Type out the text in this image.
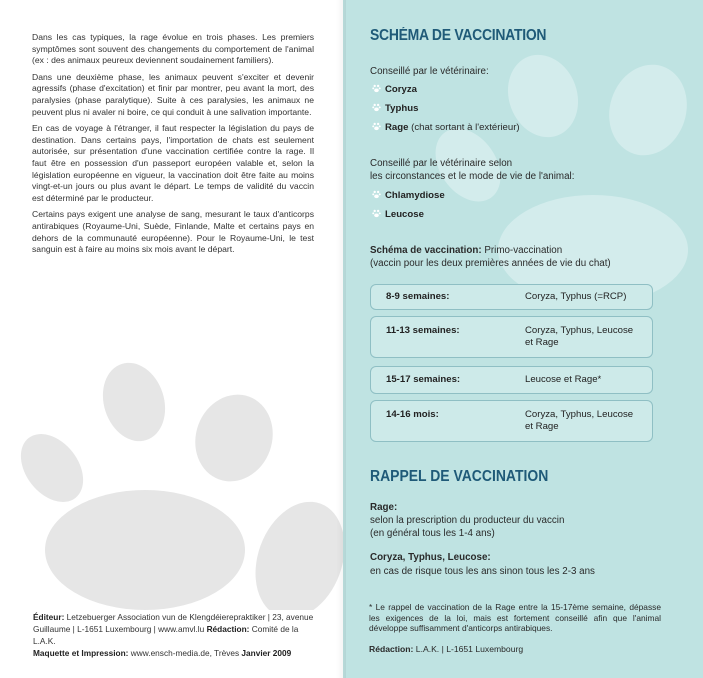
Dans les cas typiques, la rage évolue en trois phases. Les premiers symptômes sont souvent des changements du comportement de l'animal (ex : des animaux peureux deviennent soudainement familiers).

Dans une deuxième phase, les animaux peuvent s'exciter et devenir agressifs (phase d'excitation) et finir par montrer, peu avant la mort, des paralysies (phase paralytique). Suite à ces paralysies, les animaux ne peuvent plus ni avaler ni boire, ce qui conduit à une salivation importante.

En cas de voyage à l'étranger, il faut respecter la législation du pays de destination. Dans certains pays, l'importation de chats est seulement autorisée, sur présentation d'une vaccination certifiée contre la rage. Il faut être en possession d'un passeport européen valable et, selon la législation européenne en vigueur, la vaccination doit être faite au moins vingt-et-un jours ou plus avant le départ. Le temps de validité du vaccin est déterminé par le producteur.

Certains pays exigent une analyse de sang, mesurant le taux d'anticorps antirabiques (Royaume-Uni, Suède, Finlande, Malte et certains pays en dehors de la communauté européenne). Pour le Royaume-Uni, le test sanguin est à faire au moins six mois avant le départ.

Éditeur: Letzebuerger Association vun de Klengdéierepraktiker | 23, avenue Guillaume | L-1651 Luxembourg | www.amvl.lu Rédaction: Comité de la L.A.K.
Maquette et Impression: www.ensch-media.de, Trèves Janvier 2009
SCHÉMA DE VACCINATION
Conseillé par le vétérinaire:
Coryza
Typhus
Rage (chat sortant à l'extérieur)
Conseillé par le vétérinaire selon
les circonstances et le mode de vie de l'animal:
Chlamydiose
Leucose
Schéma de vaccination: Primo-vaccination
(vaccin pour les deux premières années de vie du chat)
8-9 semaines:	Coryza, Typhus (=RCP)
11-13 semaines:	Coryza, Typhus, Leucose
et Rage
15-17 semaines:	Leucose et Rage*
14-16 mois:	Coryza, Typhus, Leucose
et Rage
RAPPEL DE VACCINATION
Rage:
selon la prescription du producteur du vaccin
(en général tous les 1-4 ans)
Coryza, Typhus, Leucose:
en cas de risque tous les ans sinon tous les 2-3 ans
* Le rappel de vaccination de la Rage entre la 15-17ème semaine, dépasse les exigences de la loi, mais est fortement conseillé afin que l'animal développe suffisamment d'anticorps antirabiques.
Rédaction: L.A.K. | L-1651 Luxembourg
